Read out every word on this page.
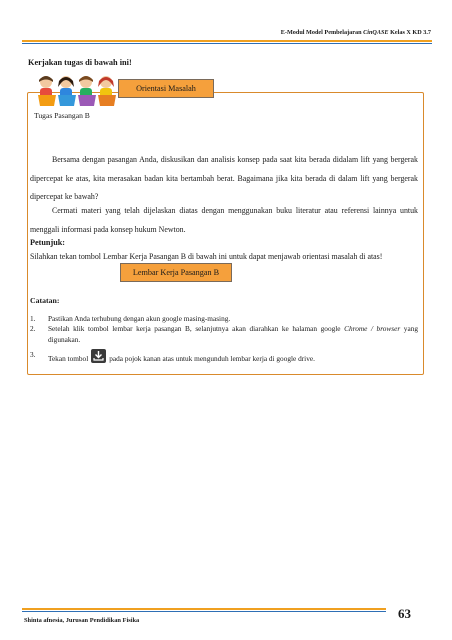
E-Modul Model Pembelajaran CinQASE Kelas X KD 3.7
Kerjakan tugas di bawah ini!
Orientasi Masalah
Tugas Pasangan B
Bersama dengan pasangan Anda, diskusikan dan analisis konsep pada saat kita berada didalam lift yang bergerak dipercepat ke atas, kita merasakan badan kita bertambah berat. Bagaimana jika kita berada di dalam lift yang bergerak dipercepat ke bawah?
Cermati materi yang telah dijelaskan diatas dengan menggunakan buku literatur atau referensi lainnya untuk menggali informasi pada konsep hukum Newton.
Petunjuk:
Silahkan tekan tombol Lembar Kerja Pasangan B di bawah ini untuk dapat menjawab orientasi masalah di atas!
Lembar Kerja Pasangan B
Catatan:
1.	Pastikan Anda terhubung dengan akun google masing-masing.
2.	Setelah klik tombol lembar kerja pasangan B, selanjutnya akan diarahkan ke halaman google Chrome / browser yang digunakan.
3.	Tekan tombol	pada pojok kanan atas untuk mengunduh lembar kerja di google drive.
Shinta afnesia, Jurusan Pendidikan Fisika	63
